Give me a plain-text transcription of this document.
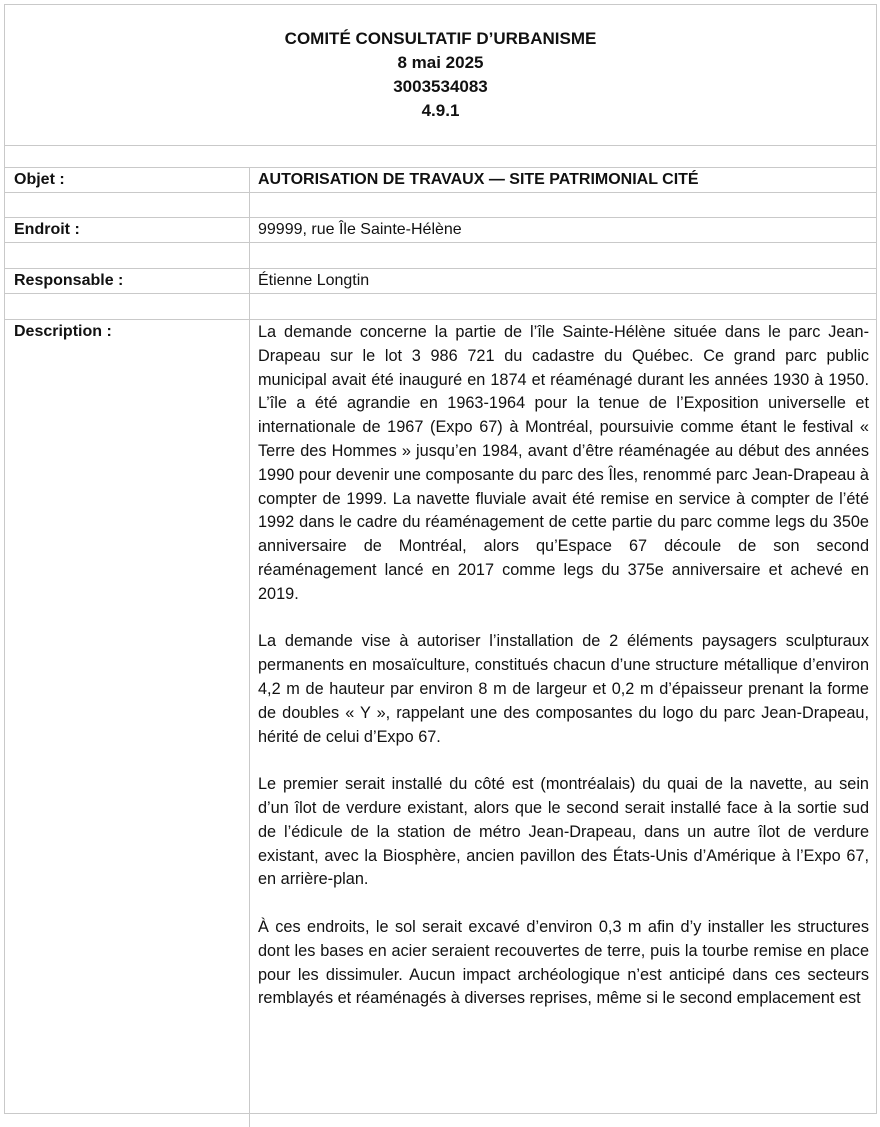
COMITÉ CONSULTATIF D’URBANISME
8 mai 2025
3003534083
4.9.1
Objet :	AUTORISATION DE TRAVAUX — SITE PATRIMONIAL CITÉ
Endroit :	99999, rue Île Sainte-Hélène
Responsable :	Étienne Longtin
Description :	La demande concerne la partie de l’île Sainte-Hélène située dans le parc Jean-Drapeau sur le lot 3 986 721 du cadastre du Québec. Ce grand parc public municipal avait été inauguré en 1874 et réaménagé durant les années 1930 à 1950. L’île a été agrandie en 1963-1964 pour la tenue de l’Exposition universelle et internationale de 1967 (Expo 67) à Montréal, poursuivie comme étant le festival « Terre des Hommes » jusqu’en 1984, avant d’être réaménagée au début des années 1990 pour devenir une composante du parc des Îles, renommé parc Jean-Drapeau à compter de 1999. La navette fluviale avait été remise en service à compter de l’été 1992 dans le cadre du réaménagement de cette partie du parc comme legs du 350e anniversaire de Montréal, alors qu’Espace 67 découle de son second réaménagement lancé en 2017 comme legs du 375e anniversaire et achevé en 2019.

La demande vise à autoriser l’installation de 2 éléments paysagers sculpturaux permanents en mosaïculture, constitués chacun d’une structure métallique d’environ 4,2 m de hauteur par environ 8 m de largeur et 0,2 m d’épaisseur prenant la forme de doubles « Y », rappelant une des composantes du logo du parc Jean-Drapeau, hérité de celui d’Expo 67.

Le premier serait installé du côté est (montréalais) du quai de la navette, au sein d’un îlot de verdure existant, alors que le second serait installé face à la sortie sud de l’édicule de la station de métro Jean-Drapeau, dans un autre îlot de verdure existant, avec la Biosphère, ancien pavillon des États-Unis d’Amérique à l’Expo 67, en arrière-plan.

À ces endroits, le sol serait excavé d’environ 0,3 m afin d’y installer les structures dont les bases en acier seraient recouvertes de terre, puis la tourbe remise en place pour les dissimuler. Aucun impact archéologique n’est anticipé dans ces secteurs remblayés et réaménagés à diverses reprises, même si le second emplacement est
